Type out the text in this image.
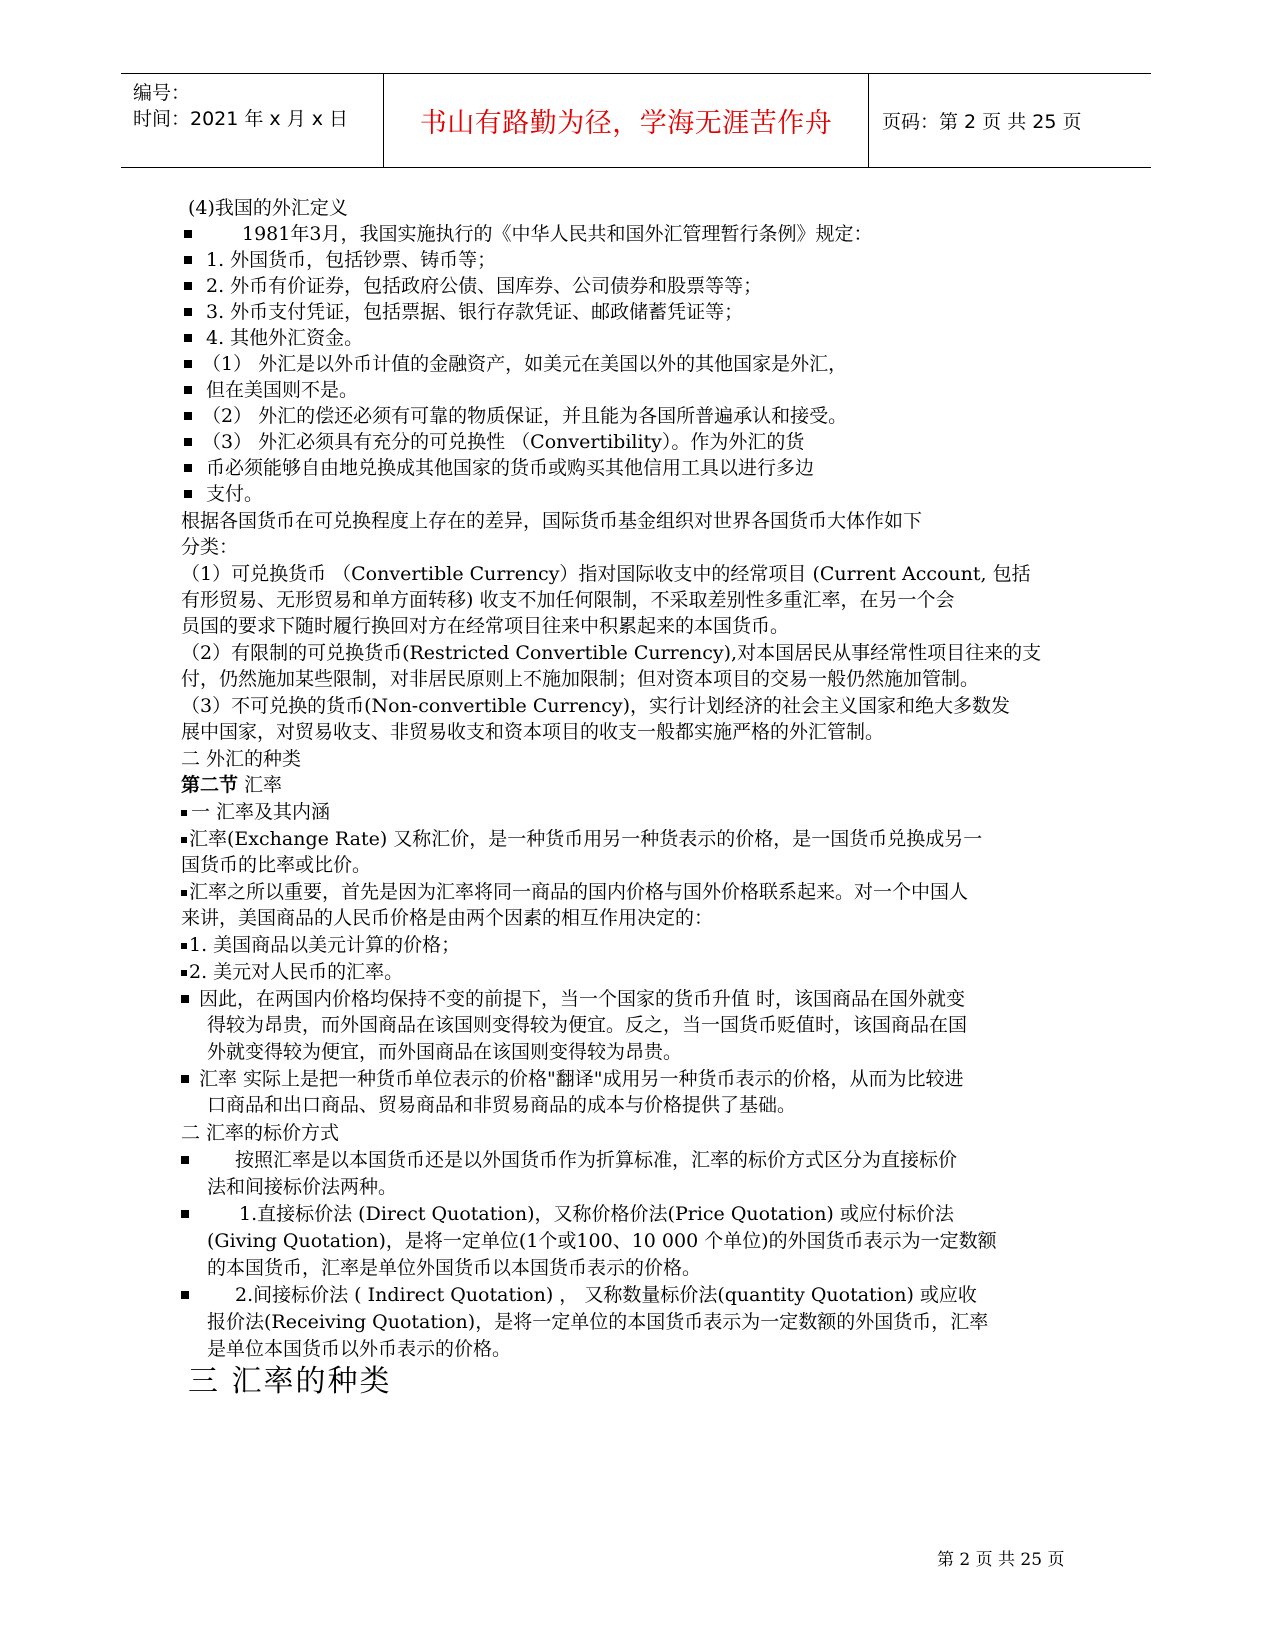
编号：
时间：2021 年 x 月 x 日	书山有路勤为径，学海无涯苦作舟	页码：第 2 页 共 25 页
(4)我国的外汇定义
1981年3月，我国实施执行的《中华人民共和国外汇管理暂行条例》规定：
1. 外国货币，包括钞票、铸币等；
2. 外币有价证券，包括政府公债、国库券、公司债券和股票等等；
3. 外币支付凭证，包括票据、银行存款凭证、邮政储蓄凭证等；
4. 其他外汇资金。
（1） 外汇是以外币计值的金融资产，如美元在美国以外的其他国家是外汇，
但在美国则不是。
（2） 外汇的偿还必须有可靠的物质保证，并且能为各国所普遍承认和接受。
（3） 外汇必须具有充分的可兑换性 （Convertibility）。作为外汇的货
币必须能够自由地兑换成其他国家的货币或购买其他信用工具以进行多边
支付。
根据各国货币在可兑换程度上存在的差异，国际货币基金组织对世界各国货币大体作如下
分类：
（1）可兑换货币 （Convertible Currency）指对国际收支中的经常项目 (Current Account, 包括
有形贸易、无形贸易和单方面转移) 收支不加任何限制，不采取差别性多重汇率，在另一个会
员国的要求下随时履行换回对方在经常项目往来中积累起来的本国货币。
（2）有限制的可兑换货币(Restricted Convertible Currency),对本国居民从事经常性项目往来的支
付，仍然施加某些限制，对非居民原则上不施加限制；但对资本项目的交易一般仍然施加管制。
（3）不可兑换的货币(Non-convertible Currency)，实行计划经济的社会主义国家和绝大多数发
展中国家，对贸易收支、非贸易收支和资本项目的收支一般都实施严格的外汇管制。
二 外汇的种类
第二节 汇率
一 汇率及其内涵
汇率(Exchange Rate) 又称汇价，是一种货币用另一种货表示的价格，是一国货币兑换成另一
国货币的比率或比价。
汇率之所以重要，首先是因为汇率将同一商品的国内价格与国外价格联系起来。对一个中国人
来讲，美国商品的人民币价格是由两个因素的相互作用决定的：
1. 美国商品以美元计算的价格；
2. 美元对人民币的汇率。
因此，在两国内价格均保持不变的前提下，当一个国家的货币升值 时，该国商品在国外就变
得较为昂贵，而外国商品在该国则变得较为便宜。反之，当一国货币贬值时，该国商品在国
外就变得较为便宜，而外国商品在该国则变得较为昂贵。
汇率 实际上是把一种货币单位表示的价格"翻译"成用另一种货币表示的价格，从而为比较进
口商品和出口商品、贸易商品和非贸易商品的成本与价格提供了基础。
二 汇率的标价方式
按照汇率是以本国货币还是以外国货币作为折算标准，汇率的标价方式区分为直接标价
法和间接标价法两种。
1.直接标价法 (Direct Quotation)，又称价格价法(Price Quotation) 或应付标价法
(Giving Quotation)，是将一定单位(1个或100、10 000 个单位)的外国货币表示为一定数额
的本国货币，汇率是单位外国货币以本国货币表示的价格。
2.间接标价法 ( Indirect Quotation) ， 又称数量标价法(quantity Quotation) 或应收
报价法(Receiving Quotation)，是将一定单位的本国货币表示为一定数额的外国货币，汇率
是单位本国货币以外币表示的价格。
三 汇率的种类
第 2 页 共 25 页
